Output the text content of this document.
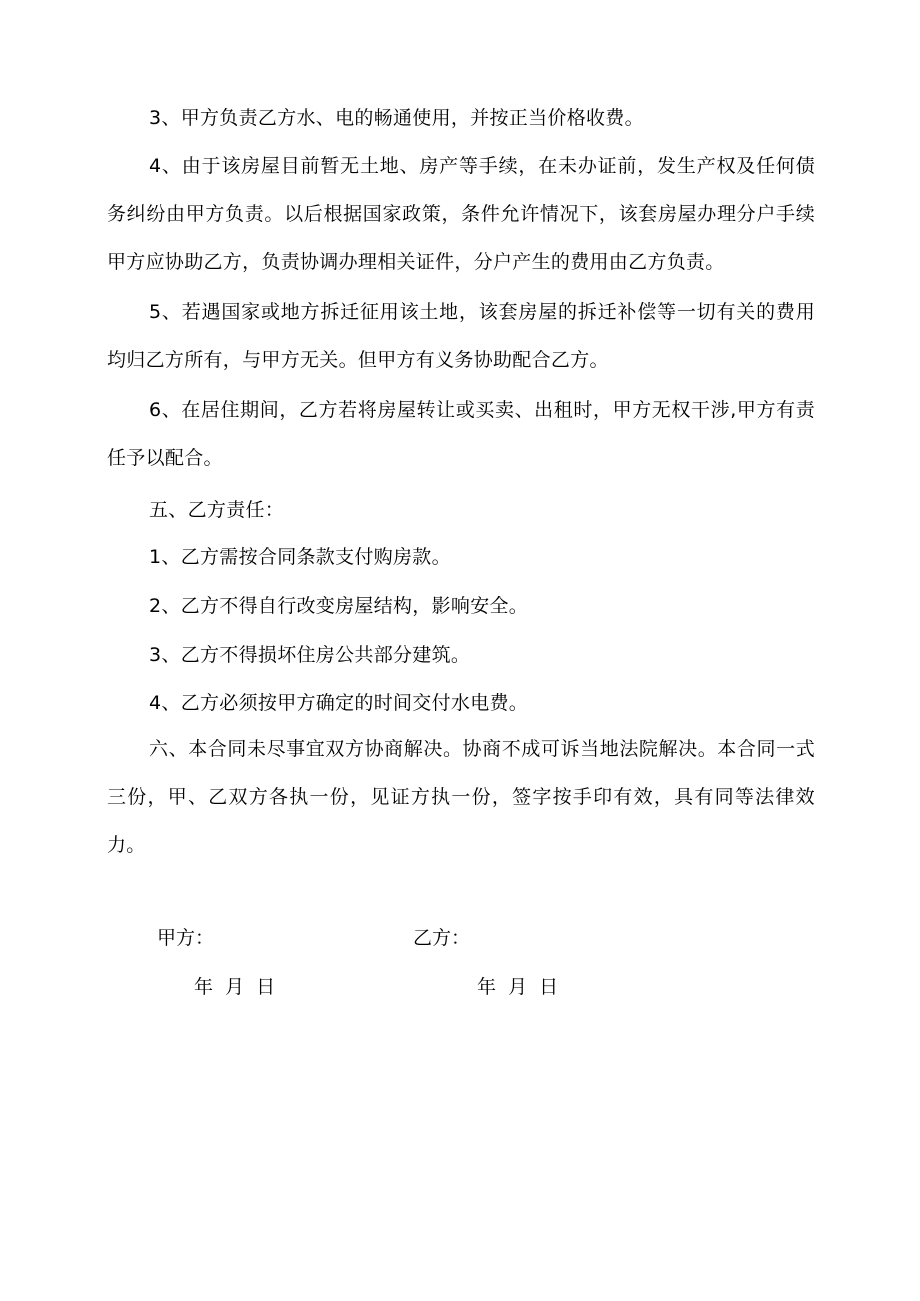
3、甲方负责乙方水、电的畅通使用，并按正当价格收费。

4、由于该房屋目前暂无土地、房产等手续，在未办证前，发生产权及任何债务纠纷由甲方负责。以后根据国家政策，条件允许情况下，该套房屋办理分户手续甲方应协助乙方，负责协调办理相关证件，分户产生的费用由乙方负责。

5、若遇国家或地方拆迁征用该土地，该套房屋的拆迁补偿等一切有关的费用均归乙方所有，与甲方无关。但甲方有义务协助配合乙方。

6、在居住期间，乙方若将房屋转让或买卖、出租时，甲方无权干涉,甲方有责任予以配合。

五、乙方责任：

1、乙方需按合同条款支付购房款。

2、乙方不得自行改变房屋结构，影响安全。

3、乙方不得损坏住房公共部分建筑。

4、乙方必须按甲方确定的时间交付水电费。

六、本合同未尽事宜双方协商解决。协商不成可诉当地法院解决。本合同一式三份，甲、乙双方各执一份，见证方执一份，签字按手印有效，具有同等法律效力。

甲方：	乙方：

年  月  日	年  月  日
